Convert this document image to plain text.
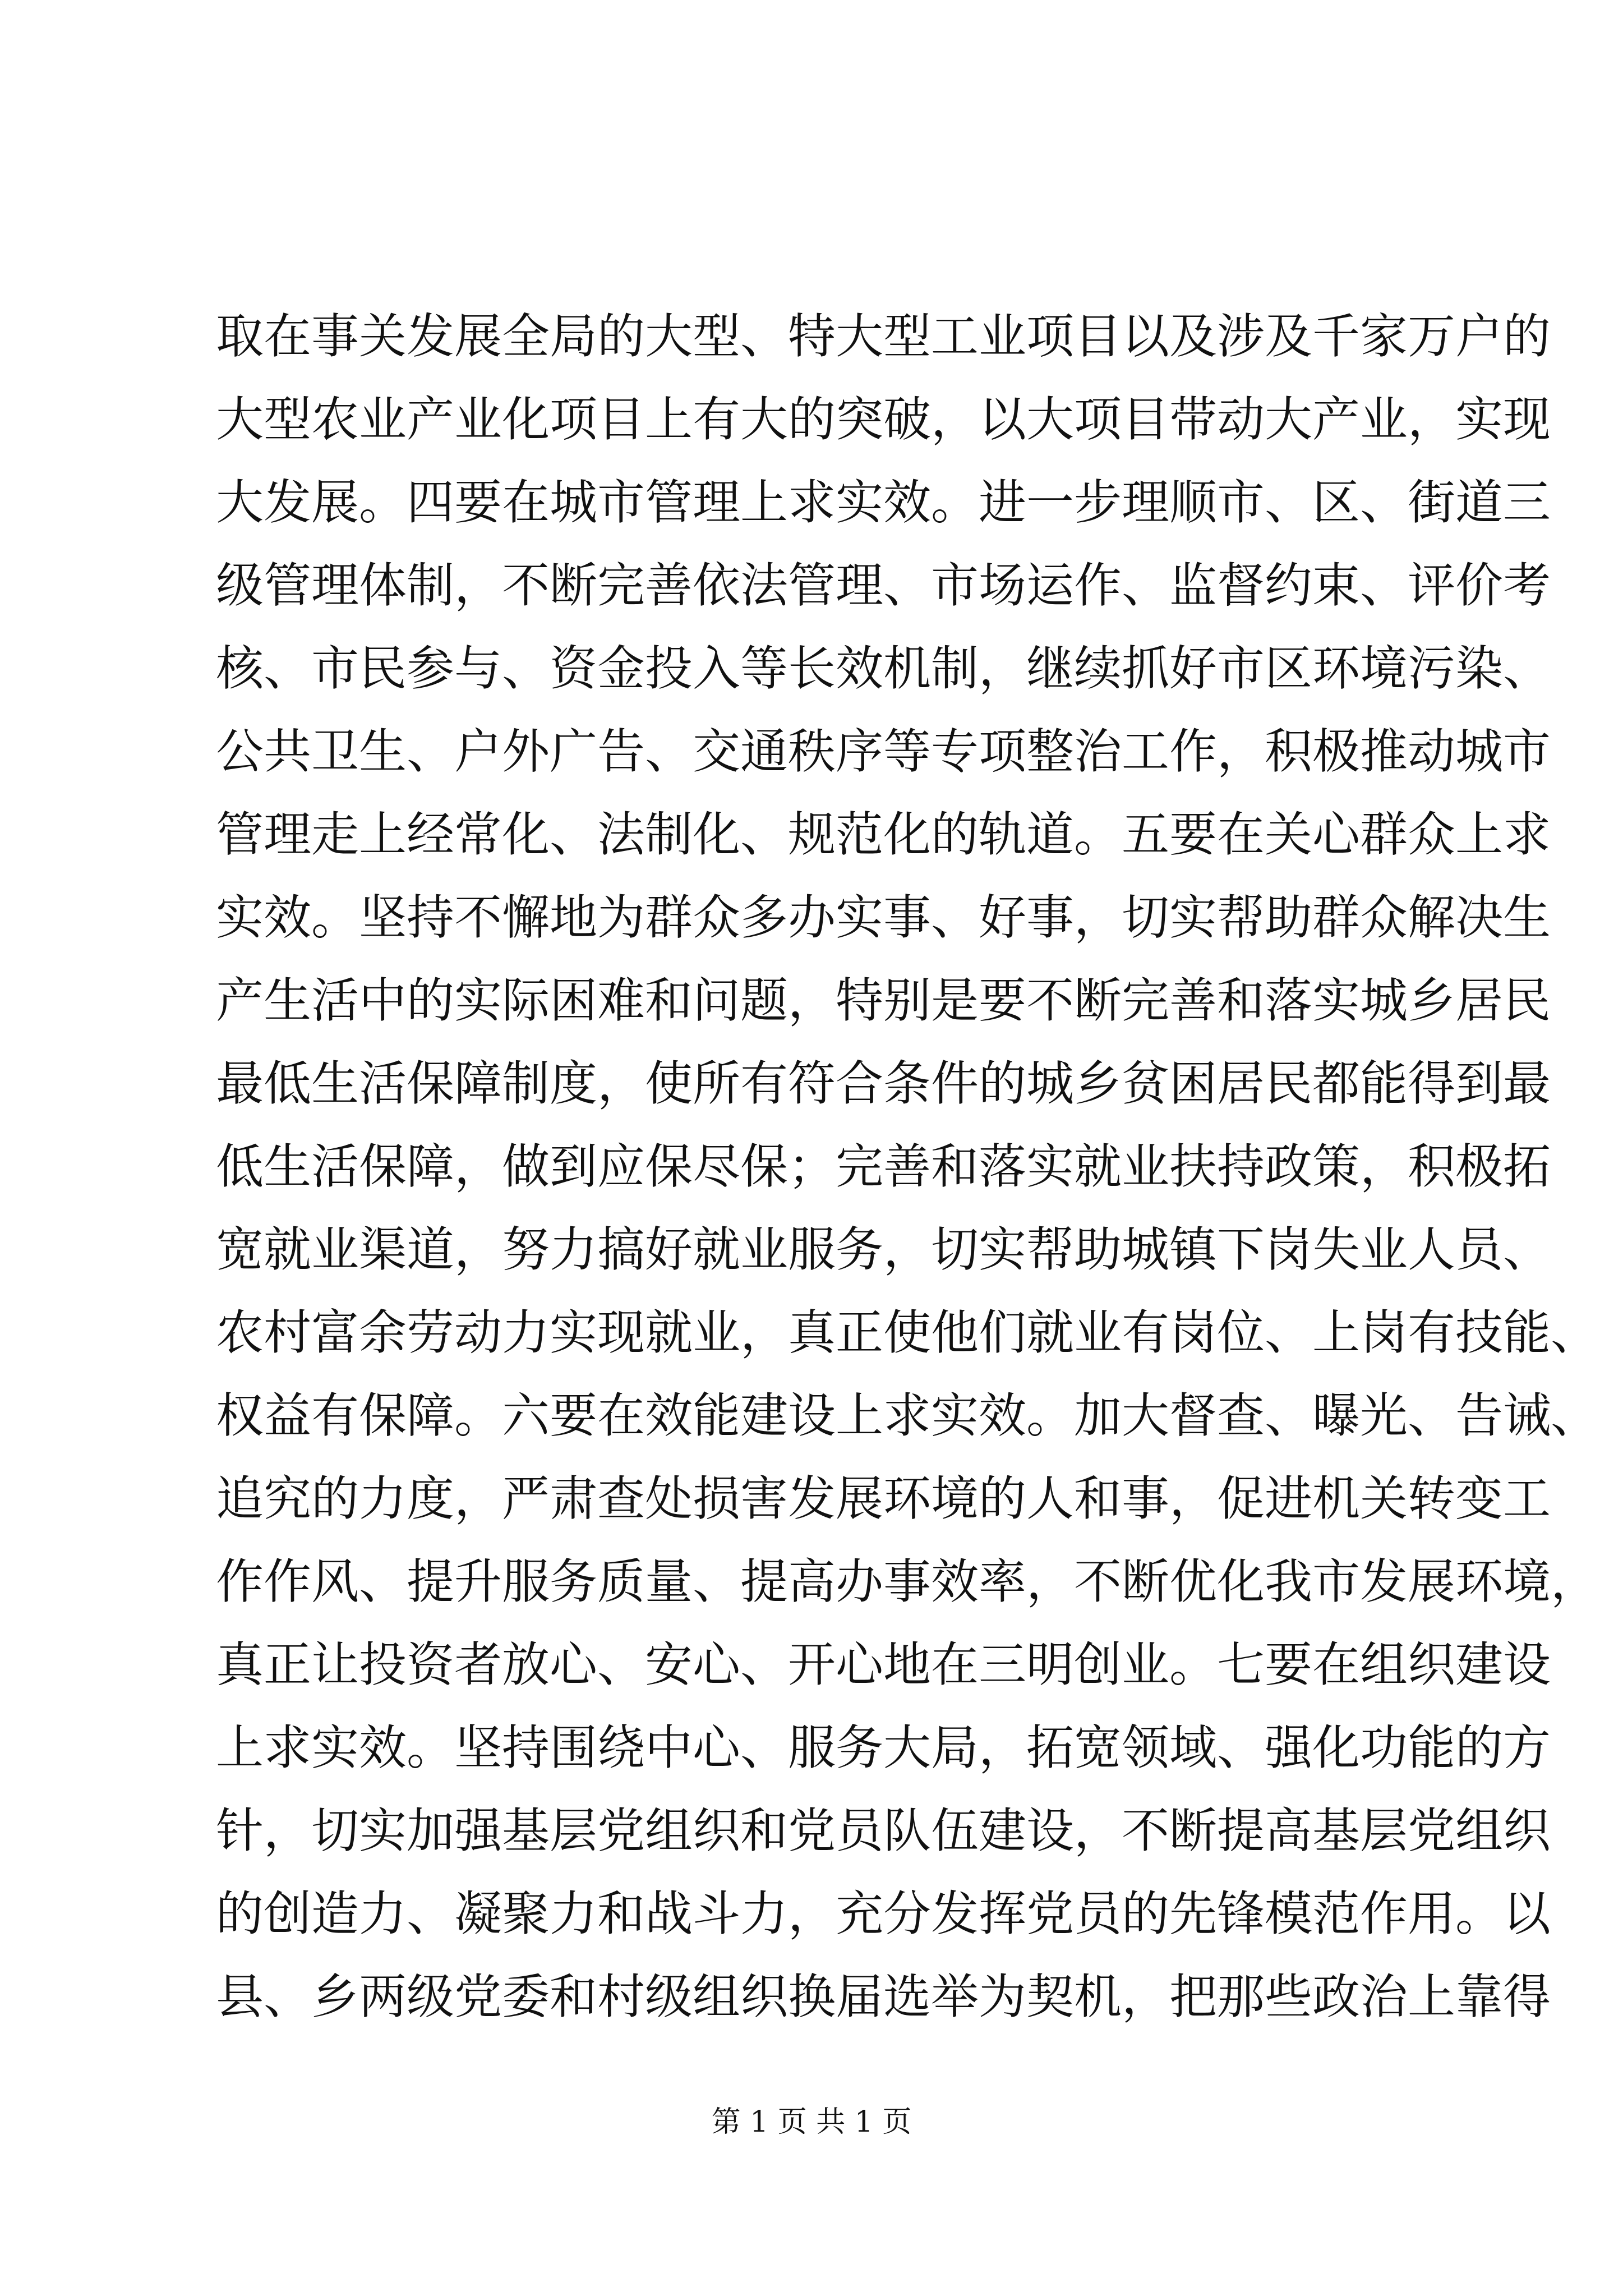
取在事关发展全局的大型、特大型工业项目以及涉及千家万户的
大型农业产业化项目上有大的突破，以大项目带动大产业，实现
大发展。四要在城市管理上求实效。进一步理顺市、区、街道三
级管理体制，不断完善依法管理、市场运作、监督约束、评价考
核、市民参与、资金投入等长效机制，继续抓好市区环境污染、
公共卫生、户外广告、交通秩序等专项整治工作，积极推动城市
管理走上经常化、法制化、规范化的轨道。五要在关心群众上求
实效。坚持不懈地为群众多办实事、好事，切实帮助群众解决生
产生活中的实际困难和问题，特别是要不断完善和落实城乡居民
最低生活保障制度，使所有符合条件的城乡贫困居民都能得到最
低生活保障，做到应保尽保；完善和落实就业扶持政策，积极拓
宽就业渠道，努力搞好就业服务，切实帮助城镇下岗失业人员、
农村富余劳动力实现就业，真正使他们就业有岗位、上岗有技能、
权益有保障。六要在效能建设上求实效。加大督查、曝光、告诫、
追究的力度，严肃查处损害发展环境的人和事，促进机关转变工
作作风、提升服务质量、提高办事效率，不断优化我市发展环境，
真正让投资者放心、安心、开心地在三明创业。七要在组织建设
上求实效。坚持围绕中心、服务大局，拓宽领域、强化功能的方
针，切实加强基层党组织和党员队伍建设，不断提高基层党组织
的创造力、凝聚力和战斗力，充分发挥党员的先锋模范作用。以
县、乡两级党委和村级组织换届选举为契机，把那些政治上靠得
第 1 页 共 1 页
